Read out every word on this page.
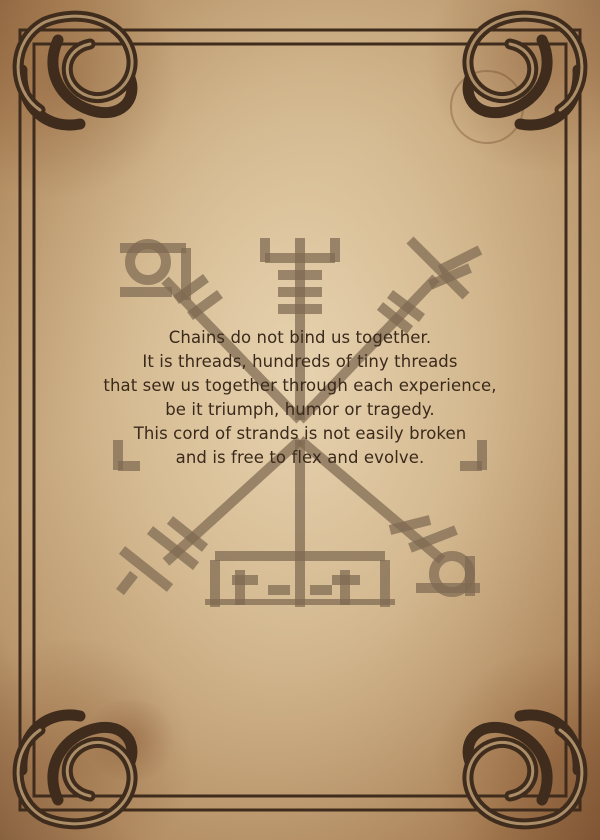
Chains do not bind us together.
It is threads, hundreds of tiny threads
that sew us together through each experience,
be it triumph, humor or tragedy.
This cord of strands is not easily broken
and is free to flex and evolve.
